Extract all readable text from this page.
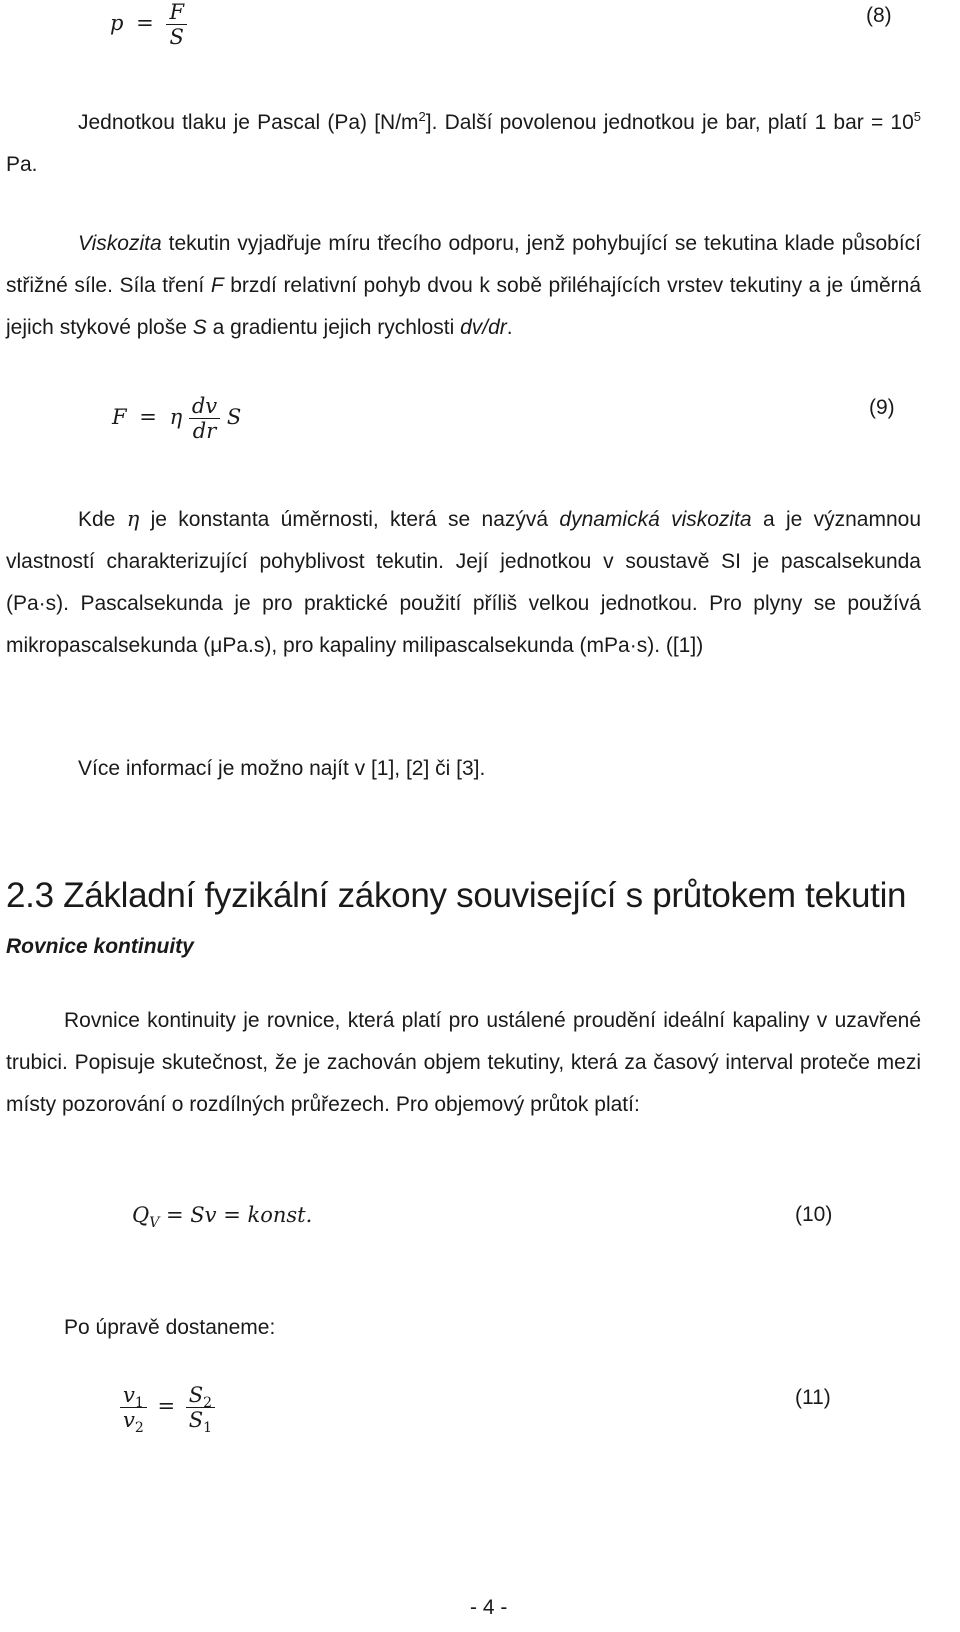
$p = \frac{F}{S}$	(8)
Jednotkou tlaku je Pascal (Pa) $[N/m^2]$. Další povolenou jednotkou je bar, platí 1 bar = $10^5$ Pa.
Viskozita tekutin vyjadřuje míru třecího odporu, jenž pohybující se tekutina klade působící střižné síle. Síla tření F brzdí relativní pohyb dvou k sobě přiléhajících vrstev tekutiny a je úměrná jejich stykové ploše S a gradientu jejich rychlosti dv/dr.
F = η $\frac{dv}{dr}$ S	(9)
Kde η je konstanta úměrnosti, která se nazývá dynamická viskozita a je významnou vlastností charakterizující pohyblivost tekutin. Její jednotkou v soustavě SI je pascalsekunda (Pa·s). Pascalsekunda je pro praktické použití příliš velkou jednotkou. Pro plyny se používá mikropascalsekunda (μPa.s), pro kapaliny milipascalsekunda (mPa·s). ([1])
Více informací je možno najít v [1], [2] či [3].
2.3 Základní fyzikální zákony související s průtokem tekutin
Rovnice kontinuity
Rovnice kontinuity je rovnice, která platí pro ustálené proudění ideální kapaliny v uzavřené trubici. Popisuje skutečnost, že je zachován objem tekutiny, která za časový interval proteče mezi místy pozorování o rozdílných průřezech. Pro objemový průtok platí:
$Q_V = Sv$ = konst.	(10)
Po úpravě dostaneme:
$\frac{v_1}{v_2} = \frac{S_2}{S_1}$	(11)
- 4 -
